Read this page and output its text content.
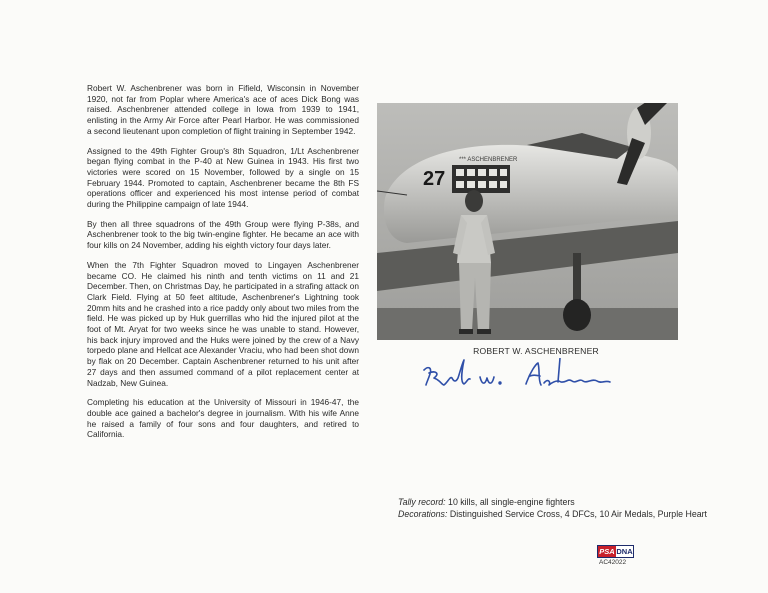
Robert W. Aschenbrener was born in Fifield, Wisconsin in November 1920, not far from Poplar where America's ace of aces Dick Bong was raised. Aschenbrener attended college in Iowa from 1939 to 1941, enlisting in the Army Air Force after Pearl Harbor. He was commissioned a second lieutenant upon completion of flight training in September 1942.

Assigned to the 49th Fighter Group's 8th Squadron, 1/Lt Aschenbrener began flying combat in the P-40 at New Guinea in 1943. His first two victories were scored on 15 November, followed by a single on 15 February 1944. Promoted to captain, Aschenbrener became the 8th FS operations officer and experienced his most intense period of combat during the Philippine campaign of late 1944.

By then all three squadrons of the 49th Group were flying P-38s, and Aschenbrener took to the big twin-engine fighter. He became an ace with four kills on 24 November, adding his eighth victory four days later.

When the 7th Fighter Squadron moved to Lingayen Aschenbrener became CO. He claimed his ninth and tenth victims on 11 and 21 December. Then, on Christmas Day, he participated in a strafing attack on Clark Field. Flying at 50 feet altitude, Aschenbrener's Lightning took 20mm hits and he crashed into a rice paddy only about two miles from the field. He was picked up by Huk guerrillas who hid the injured pilot at the foot of Mt. Aryat for two weeks since he was unable to stand. However, his back injury improved and the Huks were joined by the crew of a Navy torpedo plane and Hellcat ace Alexander Vraciu, who had been shot down by flak on 20 December. Captain Aschenbrener returned to his unit after 27 days and then assumed command of a pilot replacement center at Nadzab, New Guinea.

Completing his education at the University of Missouri in 1946-47, the double ace gained a bachelor's degree in journalism. With his wife Anne he raised a family of four sons and four daughters, and retired to California.

*** ASCHENBRENER
27
ROBERT W. ASCHENBRENER

Tally record: 10 kills, all single-engine fighters

Decorations: Distinguished Service Cross, 4 DFCs, 10 Air Medals, Purple Heart

PSA DNA
AC42022
